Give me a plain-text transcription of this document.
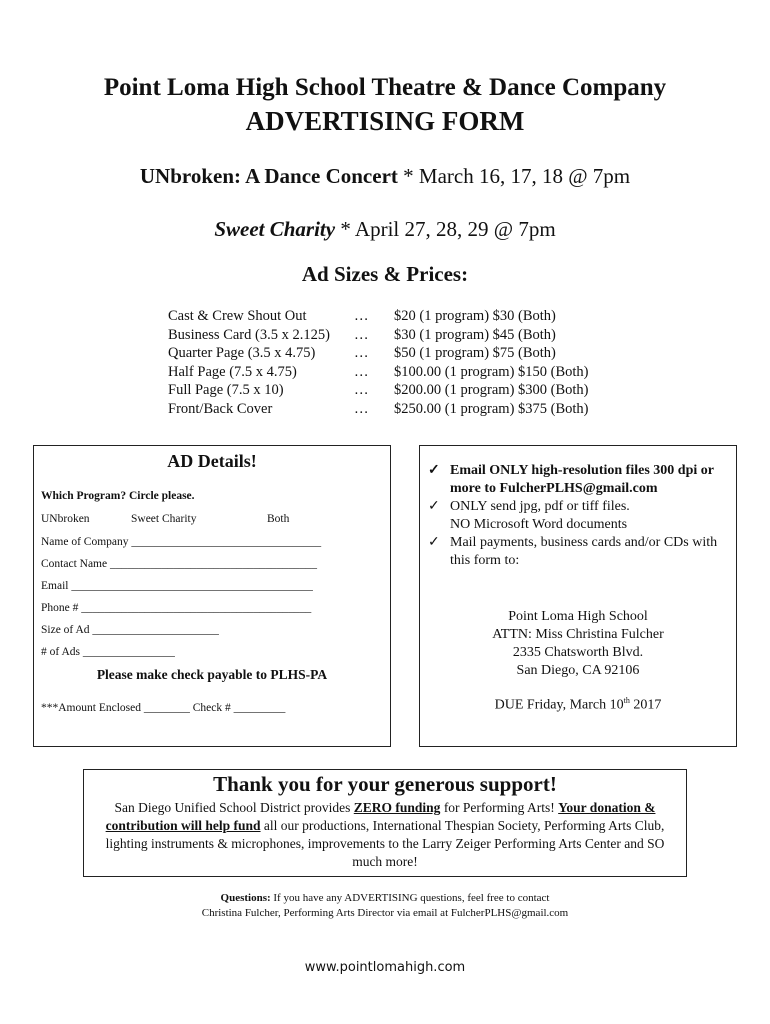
Point Loma High School Theatre & Dance Company
ADVERTISING FORM
UNbroken: A Dance Concert * March 16, 17, 18 @ 7pm
Sweet Charity * April 27, 28, 29 @ 7pm
Ad Sizes & Prices:
Cast & Crew Shout Out	… $20 (1 program) $30 (Both)
Business Card (3.5 x 2.125) … $30 (1 program) $45 (Both)
Quarter Page (3.5 x 4.75)	… $50 (1 program) $75 (Both)
Half Page (7.5 x 4.75)	… $100.00 (1 program) $150 (Both)
Full Page (7.5 x 10)	… $200.00 (1 program) $300 (Both)
Front/Back Cover	… $250.00 (1 program) $375 (Both)
AD Details!
Which Program? Circle please.
UNbroken	Sweet Charity	Both
Name of Company _________________________________
Contact Name ____________________________________
Email __________________________________________
Phone # ________________________________________
Size of Ad ______________________
# of Ads ________________
Please make check payable to PLHS-PA
***Amount Enclosed ________ Check # _________
✓ Email ONLY high-resolution files 300 dpi or more to FulcherPLHS@gmail.com
✓ ONLY send jpg, pdf or tiff files.
NO Microsoft Word documents
✓ Mail payments, business cards and/or CDs with this form to:
Point Loma High School
ATTN: Miss Christina Fulcher
2335 Chatsworth Blvd.
San Diego, CA 92106
DUE Friday, March 10th 2017
Thank you for your generous support!
San Diego Unified School District provides ZERO funding for Performing Arts! Your donation & contribution will help fund all our productions, International Thespian Society, Performing Arts Club, lighting instruments & microphones, improvements to the Larry Zeiger Performing Arts Center and SO much more!
Questions: If you have any ADVERTISING questions, feel free to contact
Christina Fulcher, Performing Arts Director via email at FulcherPLHS@gmail.com
www.pointlomahigh.com
